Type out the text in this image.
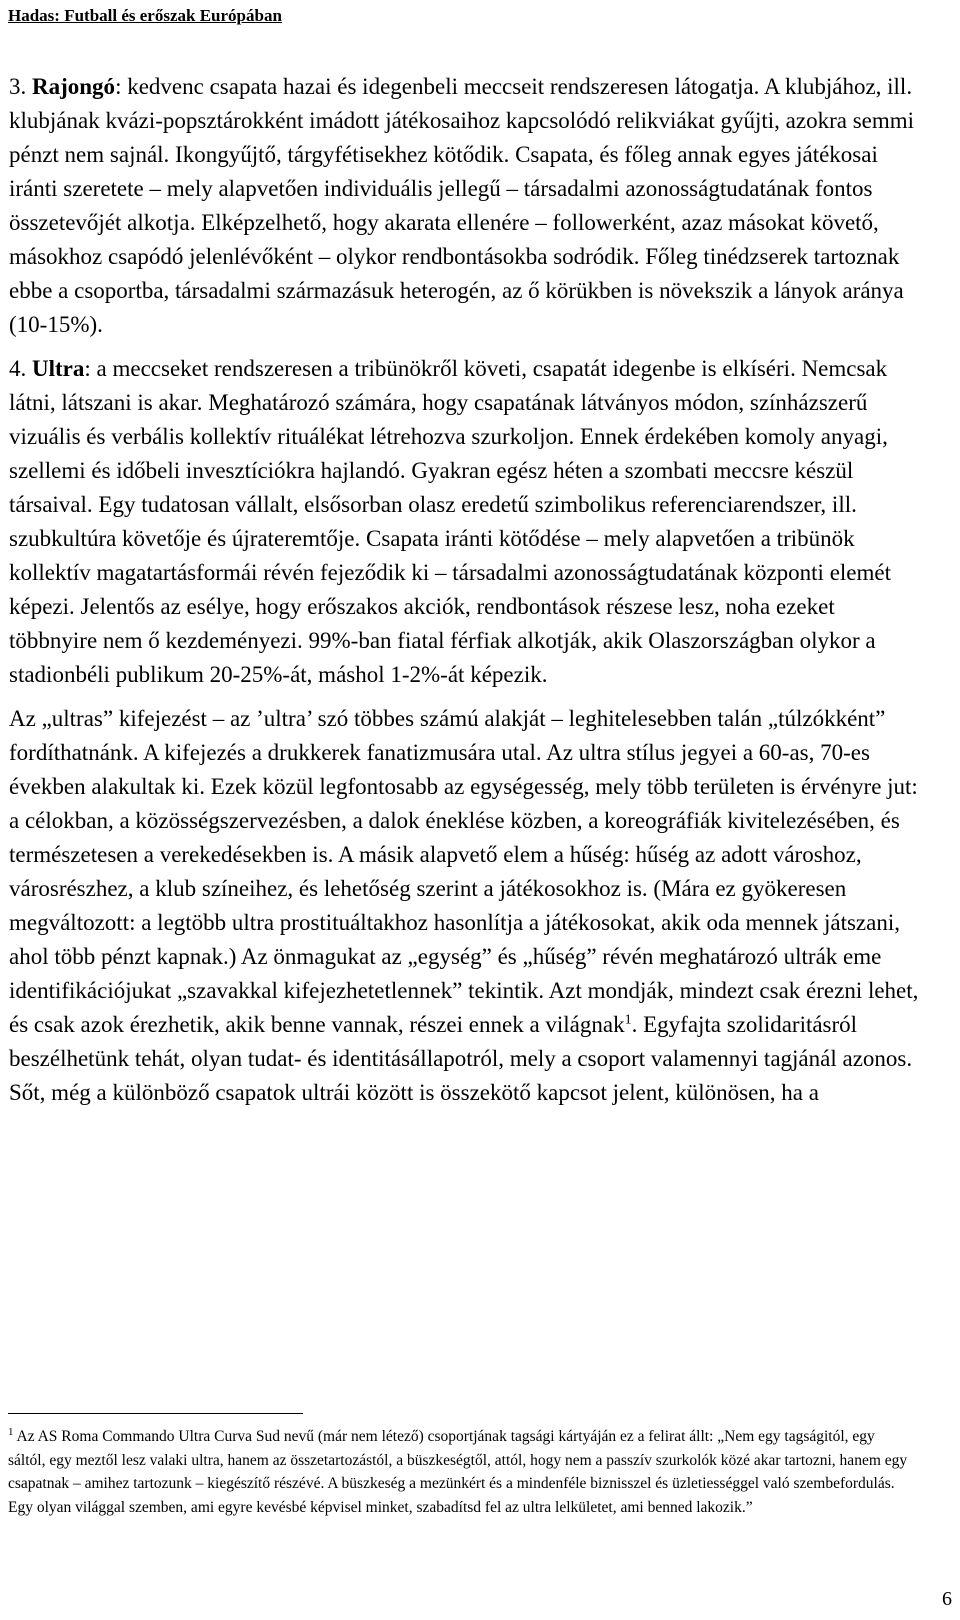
Hadas: Futball és erőszak Európában

3. Rajongó: kedvenc csapata hazai és idegenbeli meccseit rendszeresen látogatja. A klubjához, ill. klubjának kvázi-popsztárokként imádott játékosaihoz kapcsolódó relikviákat gyűjti, azokra semmi pénzt nem sajnál. Ikongyűjtő, tárgyfétisekhez kötődik. Csapata, és főleg annak egyes játékosai iránti szeretete – mely alapvetően individuális jellegű – társadalmi azonosságtudatának fontos összetevőjét alkotja. Elképzelhető, hogy akarata ellenére – followerként, azaz másokat követő, másokhoz csapódó jelenlévőként – olykor rendbontásokba sodródik. Főleg tinédzserek tartoznak ebbe a csoportba, társadalmi származásuk heterogén, az ő körükben is növekszik a lányok aránya (10-15%).

4. Ultra: a meccseket rendszeresen a tribünökről követi, csapatát idegenbe is elkíséri. Nemcsak látni, látszani is akar. Meghatározó számára, hogy csapatának látványos módon, színházszerű vizuális és verbális kollektív rituálékat létrehozva szurkoljon. Ennek érdekében komoly anyagi, szellemi és időbeli invesztíciókra hajlandó. Gyakran egész héten a szombati meccsre készül társaival. Egy tudatosan vállalt, elsősorban olasz eredetű szimbolikus referenciarendszer, ill. szubkultúra követője és újrateremtője. Csapata iránti kötődése – mely alapvetően a tribünök kollektív magatartásformái révén fejeződik ki – társadalmi azonosságtudatának központi elemét képezi. Jelentős az esélye, hogy erőszakos akciók, rendbontások részese lesz, noha ezeket többnyire nem ő kezdeményezi. 99%-ban fiatal férfiak alkotják, akik Olaszországban olykor a stadionbéli publikum 20-25%-át, máshol 1-2%-át képezik.

Az „ultras” kifejezést – az ’ultra’ szó többes számú alakját – leghitelesebben talán „túlzókként” fordíthatnánk. A kifejezés a drukkerek fanatizmusára utal. Az ultra stílus jegyei a 60-as, 70-es években alakultak ki. Ezek közül legfontosabb az egységesség, mely több területen is érvényre jut: a célokban, a közösségszervezésben, a dalok éneklése közben, a koreográfiák kivitelezésében, és természetesen a verekedésekben is. A másik alapvető elem a hűség: hűség az adott városhoz, városrészhez, a klub színeihez, és lehetőség szerint a játékosokhoz is. (Mára ez gyökeresen megváltozott: a legtöbb ultra prostituáltakhoz hasonlítja a játékosokat, akik oda mennek játszani, ahol több pénzt kapnak.) Az önmagukat az „egység” és „hűség” révén meghatározó ultrák eme identifikációjukat „szavakkal kifejezhetetlennek” tekintik. Azt mondják, mindezt csak érezni lehet, és csak azok érezhetik, akik benne vannak, részei ennek a világnak$^1$. Egyfajta szolidaritásról beszélhetünk tehát, olyan tudat- és identitásállapotról, mely a csoport valamennyi tagjánál azonos. Sőt, még a különböző csapatok ultrái között is összekötő kapcsot jelent, különösen, ha a

$^1$ Az AS Roma Commando Ultra Curva Sud nevű (már nem létező) csoportjának tagsági kártyáján ez a felirat állt: „Nem egy tagságitól, egy sáltól, egy meztől lesz valaki ultra, hanem az összetartozástól, a büszkeségtől, attól, hogy nem a passzív szurkolók közé akar tartozni, hanem egy csapatnak – amihez tartozunk – kiegészítő részévé. A büszkeség a mezünkért és a mindenféle biznisszel és üzletiességgel való szembefordulás. Egy olyan világgal szemben, ami egyre kevésbé képvisel minket, szabadítsd fel az ultra lelkületet, ami benned lakozik.”
6
